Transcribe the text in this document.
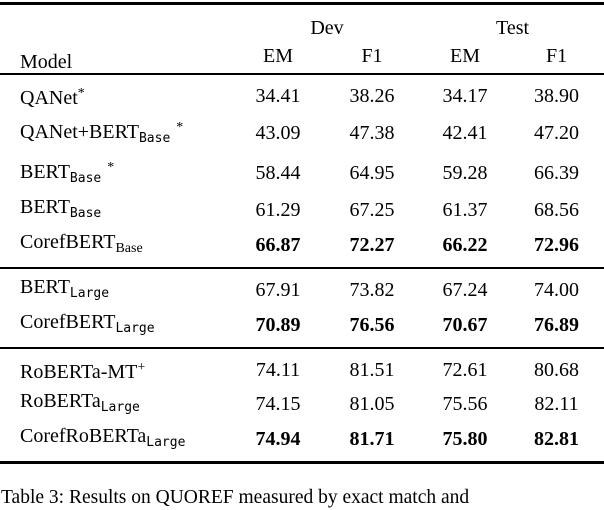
Model	Dev		Test	
	EM	F1	EM	F1
QANet*	34.41	38.26	34.17	38.90
$QANet+BERT_{Base}^*$	43.09	47.38	42.41	47.20
$BERT_{Base}^*$	58.44	64.95	59.28	66.39
$BERT_{Base}$	61.29	67.25	61.37	68.56
CorefBERT$_{Base}$	66.87	72.27	66.22	72.96
$BERT_{Large}$	67.91	73.82	67.24	74.00
CorefBERT$_{Large}$	70.89	76.56	70.67	76.89
RoBERTa-MT+	74.11	81.51	72.61	80.68
RoBERTa$_{Large}$	74.15	81.05	75.56	82.11
CorefRoBERTa$_{Large}$	74.94	81.71	75.80	82.81
Table 3: Results on QUOREF measured by exact match and
